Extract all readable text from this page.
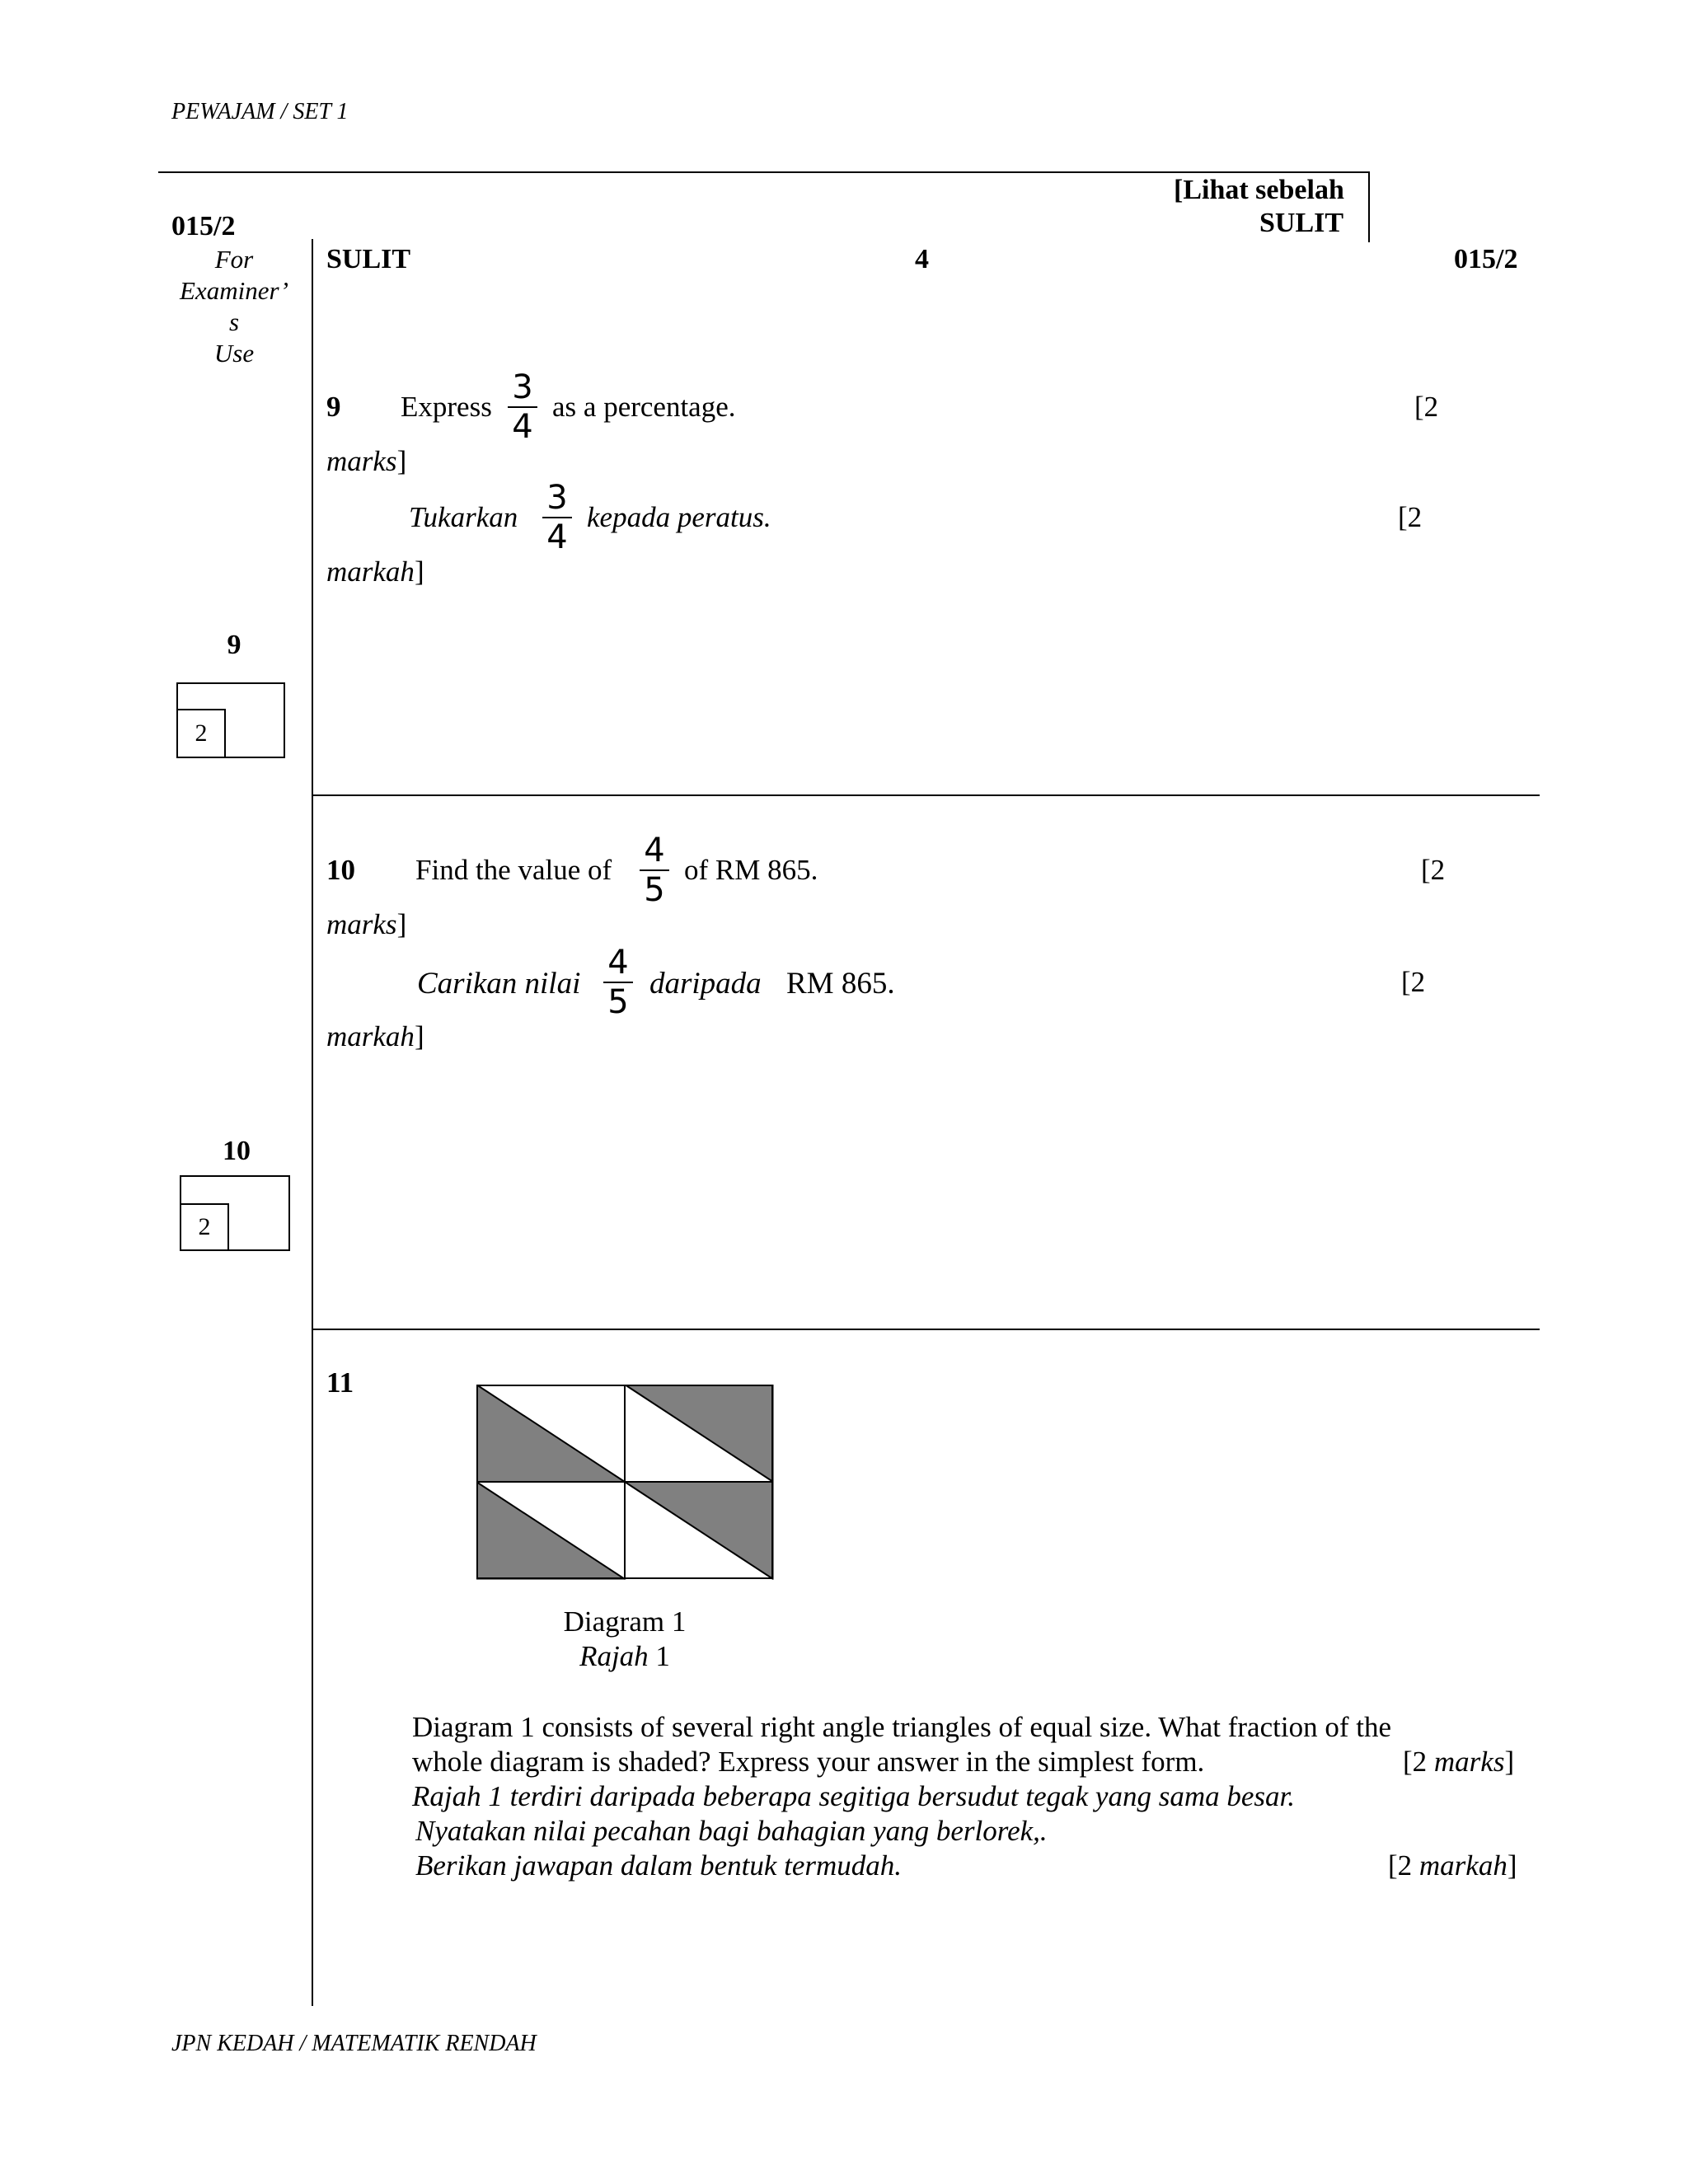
PEWAJAM / SET 1
[Lihat sebelah
SULIT
015/2
SULIT	4	015/2
For
Examiner’
s
Use
9 Express
3
4
as a percentage.	[2
marks]
Tukarkan
3
4
kepada peratus.	[2
markah]
9
2
10 Find the value of
4
5
of RM 865.	[2
marks]
Carikan nilai
4
5 daripada RM 865.	[2
markah]
10
2
11
Diagram 1
Rajah 1
Diagram 1 consists of several right angle triangles of equal size. What fraction of the
whole diagram is shaded? Express your answer in the simplest form.	[2 marks]
Rajah 1 terdiri daripada beberapa segitiga bersudut tegak yang sama besar.
Nyatakan nilai pecahan bagi bahagian yang berlorek,.
Berikan jawapan dalam bentuk termudah.	[2 markah]
JPN KEDAH / MATEMATIK RENDAH
